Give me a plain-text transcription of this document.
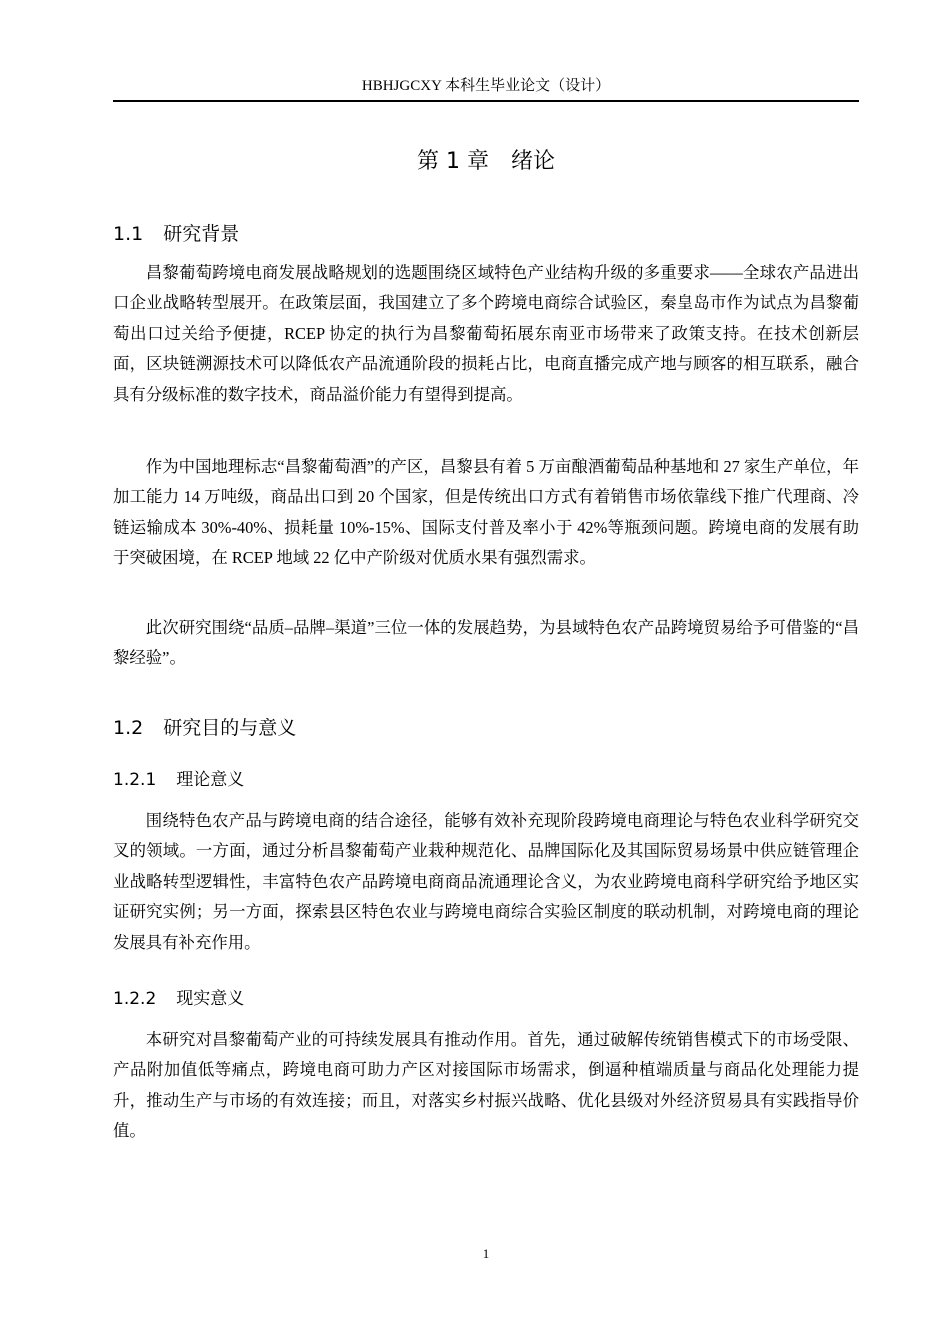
HBHJGCXY 本科生毕业论文（设计）
第 1 章　绪论
1.1 研究背景

昌黎葡萄跨境电商发展战略规划的选题围绕区域特色产业结构升级的多重要求——全球农产品进出口企业战略转型展开。在政策层面，我国建立了多个跨境电商综合试验区，秦皇岛市作为试点为昌黎葡萄出口过关给予便捷，RCEP 协定的执行为昌黎葡萄拓展东南亚市场带来了政策支持。在技术创新层面，区块链溯源技术可以降低农产品流通阶段的损耗占比，电商直播完成产地与顾客的相互联系，融合具有分级标准的数字技术，商品溢价能力有望得到提高。

作为中国地理标志“昌黎葡萄酒”的产区，昌黎县有着 5 万亩酿酒葡萄品种基地和 27 家生产单位，年加工能力 14 万吨级，商品出口到 20 个国家，但是传统出口方式有着销售市场依靠线下推广代理商、冷链运输成本 30%-40%、损耗量 10%-15%、国际支付普及率小于 42%等瓶颈问题。跨境电商的发展有助于突破困境，在 RCEP 地域 22 亿中产阶级对优质水果有强烈需求。

此次研究围绕“品质–品牌–渠道”三位一体的发展趋势，为县域特色农产品跨境贸易给予可借鉴的“昌黎经验”。

1.2 研究目的与意义
1.2.1 理论意义

围绕特色农产品与跨境电商的结合途径，能够有效补充现阶段跨境电商理论与特色农业科学研究交叉的领域。一方面，通过分析昌黎葡萄产业栽种规范化、品牌国际化及其国际贸易场景中供应链管理企业战略转型逻辑性，丰富特色农产品跨境电商商品流通理论含义，为农业跨境电商科学研究给予地区实证研究实例；另一方面，探索县区特色农业与跨境电商综合实验区制度的联动机制，对跨境电商的理论发展具有补充作用。

1.2.2 现实意义

本研究对昌黎葡萄产业的可持续发展具有推动作用。首先，通过破解传统销售模式下的市场受限、产品附加值低等痛点，跨境电商可助力产区对接国际市场需求，倒逼种植端质量与商品化处理能力提升，推动生产与市场的有效连接；而且，对落实乡村振兴战略、优化县级对外经济贸易具有实践指导价值。

1
